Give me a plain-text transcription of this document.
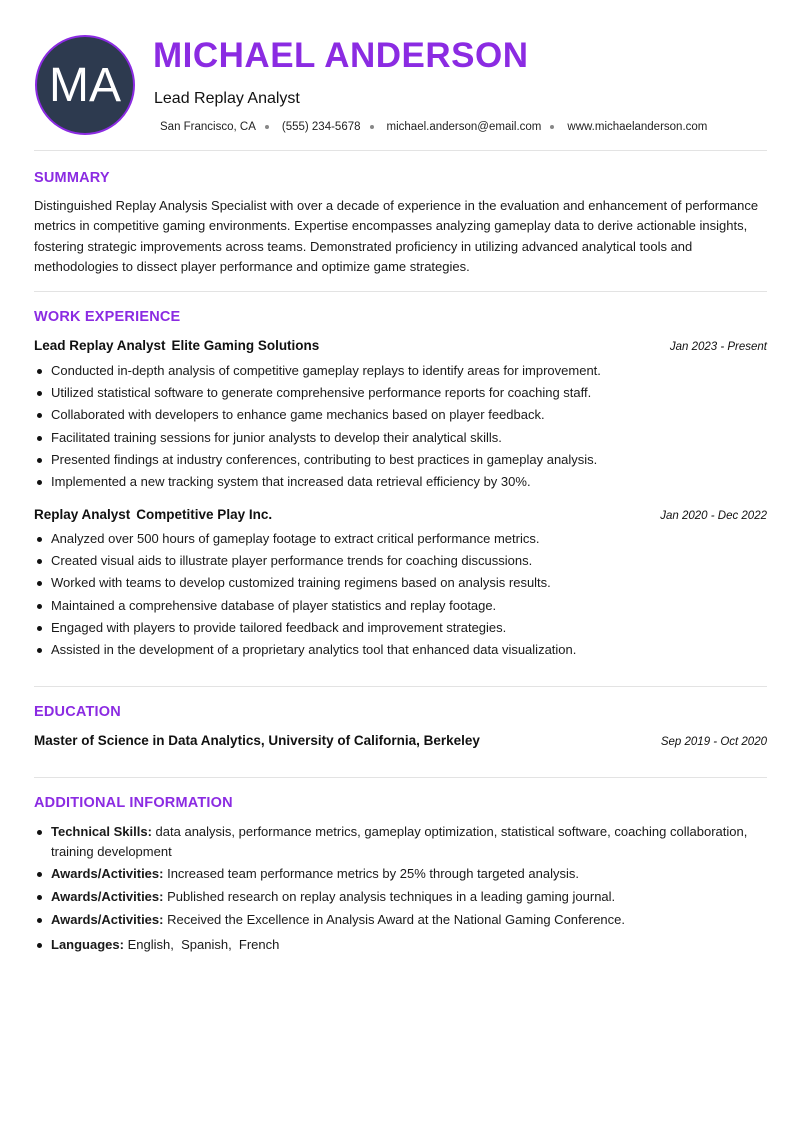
MA
MICHAEL ANDERSON
Lead Replay Analyst
San Francisco, CA (555) 234-5678 michael.anderson@email.com www.michaelanderson.com
SUMMARY
Distinguished Replay Analysis Specialist with over a decade of experience in the evaluation and enhancement of performance metrics in competitive gaming environments. Expertise encompasses analyzing gameplay data to derive actionable insights, fostering strategic improvements across teams. Demonstrated proficiency in utilizing advanced analytical tools and methodologies to dissect player performance and optimize game strategies.
WORK EXPERIENCE
Lead Replay Analyst Elite Gaming Solutions	Jan 2023 - Present
Conducted in-depth analysis of competitive gameplay replays to identify areas for improvement.
Utilized statistical software to generate comprehensive performance reports for coaching staff.
Collaborated with developers to enhance game mechanics based on player feedback.
Facilitated training sessions for junior analysts to develop their analytical skills.
Presented findings at industry conferences, contributing to best practices in gameplay analysis.
Implemented a new tracking system that increased data retrieval efficiency by 30%.
Replay Analyst Competitive Play Inc.	Jan 2020 - Dec 2022
Analyzed over 500 hours of gameplay footage to extract critical performance metrics.
Created visual aids to illustrate player performance trends for coaching discussions.
Worked with teams to develop customized training regimens based on analysis results.
Maintained a comprehensive database of player statistics and replay footage.
Engaged with players to provide tailored feedback and improvement strategies.
Assisted in the development of a proprietary analytics tool that enhanced data visualization.
EDUCATION
Master of Science in Data Analytics, University of California, Berkeley	Sep 2019 - Oct 2020
ADDITIONAL INFORMATION
Technical Skills: data analysis, performance metrics, gameplay optimization, statistical software, coaching collaboration, training development
Awards/Activities: Increased team performance metrics by 25% through targeted analysis.
Awards/Activities: Published research on replay analysis techniques in a leading gaming journal.
Awards/Activities: Received the Excellence in Analysis Award at the National Gaming Conference.
Languages: English , Spanish , French
